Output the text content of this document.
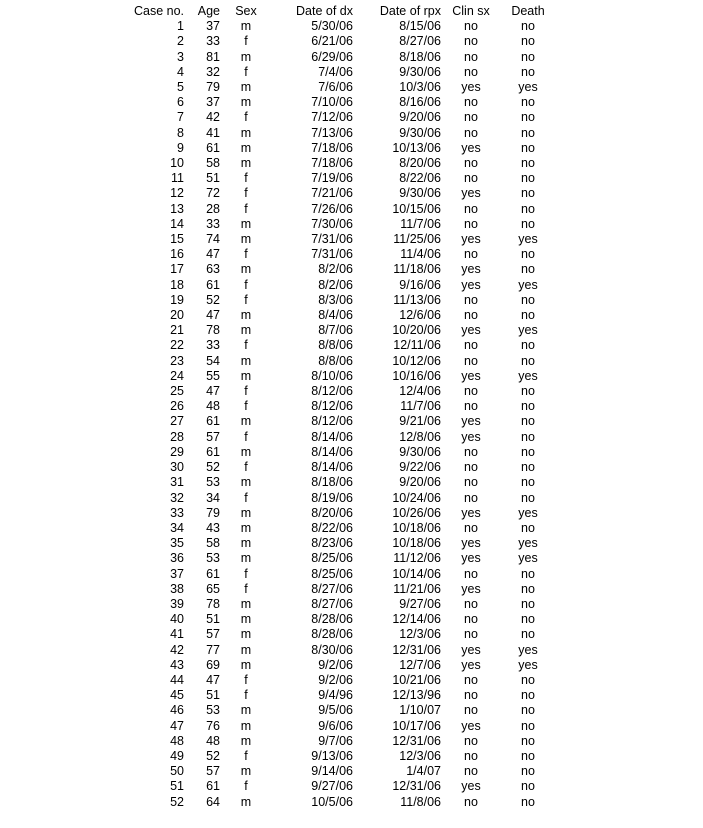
Case no.	Age	Sex	Date of dx	Date of rpx	Clin sx	Death
1	37	m	5/30/06	8/15/06	no	no
2	33	f	6/21/06	8/27/06	no	no
3	81	m	6/29/06	8/18/06	no	no
4	32	f	7/4/06	9/30/06	no	no
5	79	m	7/6/06	10/3/06	yes	yes
6	37	m	7/10/06	8/16/06	no	no
7	42	f	7/12/06	9/20/06	no	no
8	41	m	7/13/06	9/30/06	no	no
9	61	m	7/18/06	10/13/06	yes	no
10	58	m	7/18/06	8/20/06	no	no
11	51	f	7/19/06	8/22/06	no	no
12	72	f	7/21/06	9/30/06	yes	no
13	28	f	7/26/06	10/15/06	no	no
14	33	m	7/30/06	11/7/06	no	no
15	74	m	7/31/06	11/25/06	yes	yes
16	47	f	7/31/06	11/4/06	no	no
17	63	m	8/2/06	11/18/06	yes	no
18	61	f	8/2/06	9/16/06	yes	yes
19	52	f	8/3/06	11/13/06	no	no
20	47	m	8/4/06	12/6/06	no	no
21	78	m	8/7/06	10/20/06	yes	yes
22	33	f	8/8/06	12/11/06	no	no
23	54	m	8/8/06	10/12/06	no	no
24	55	m	8/10/06	10/16/06	yes	yes
25	47	f	8/12/06	12/4/06	no	no
26	48	f	8/12/06	11/7/06	no	no
27	61	m	8/12/06	9/21/06	yes	no
28	57	f	8/14/06	12/8/06	yes	no
29	61	m	8/14/06	9/30/06	no	no
30	52	f	8/14/06	9/22/06	no	no
31	53	m	8/18/06	9/20/06	no	no
32	34	f	8/19/06	10/24/06	no	no
33	79	m	8/20/06	10/26/06	yes	yes
34	43	m	8/22/06	10/18/06	no	no
35	58	m	8/23/06	10/18/06	yes	yes
36	53	m	8/25/06	11/12/06	yes	yes
37	61	f	8/25/06	10/14/06	no	no
38	65	f	8/27/06	11/21/06	yes	no
39	78	m	8/27/06	9/27/06	no	no
40	51	m	8/28/06	12/14/06	no	no
41	57	m	8/28/06	12/3/06	no	no
42	77	m	8/30/06	12/31/06	yes	yes
43	69	m	9/2/06	12/7/06	yes	yes
44	47	f	9/2/06	10/21/06	no	no
45	51	f	9/4/96	12/13/96	no	no
46	53	m	9/5/06	1/10/07	no	no
47	76	m	9/6/06	10/17/06	yes	no
48	48	m	9/7/06	12/31/06	no	no
49	52	f	9/13/06	12/3/06	no	no
50	57	m	9/14/06	1/4/07	no	no
51	61	f	9/27/06	12/31/06	yes	no
52	64	m	10/5/06	11/8/06	no	no
